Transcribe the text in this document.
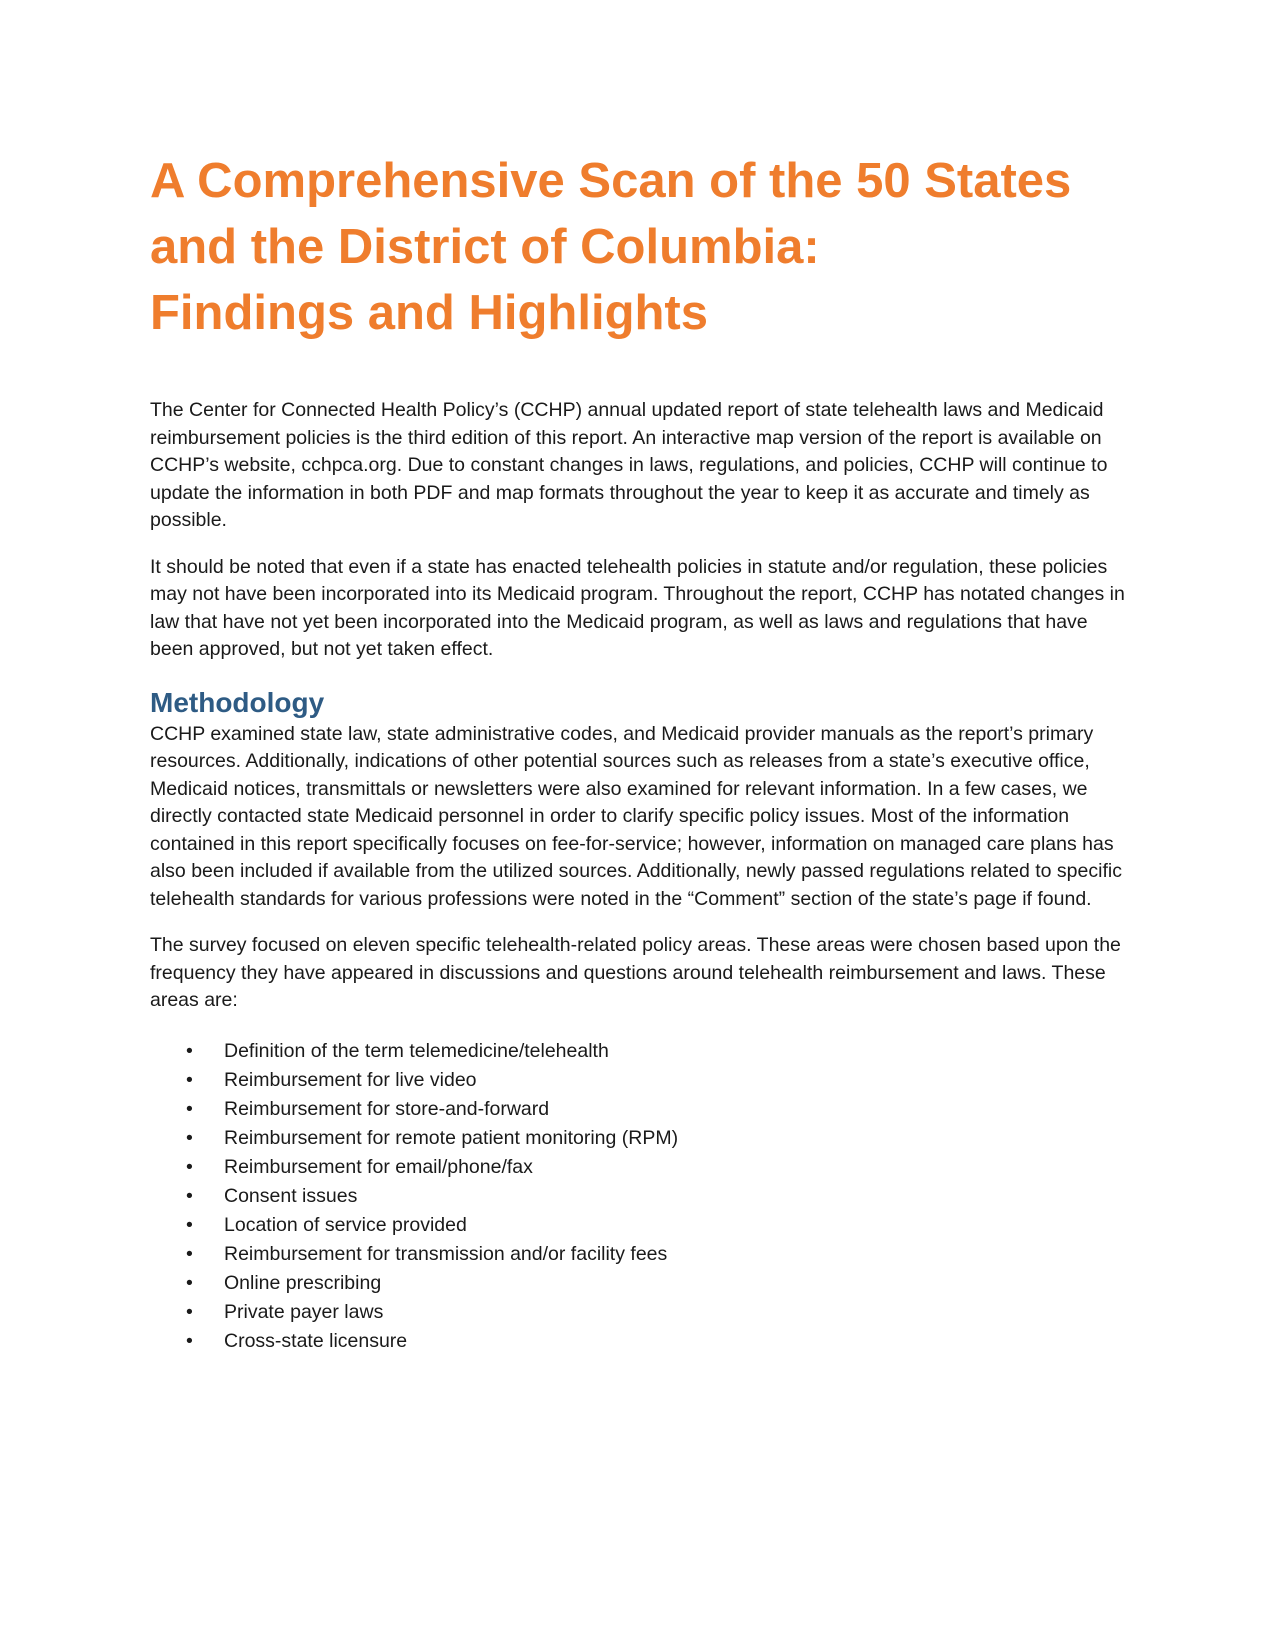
A Comprehensive Scan of the 50 States
and the District of Columbia:
Findings and Highlights

The Center for Connected Health Policy’s (CCHP) annual updated report of state telehealth laws and Medicaid reimbursement policies is the third edition of this report. An interactive map version of the report is available on CCHP’s website, cchpca.org. Due to constant changes in laws, regulations, and policies, CCHP will continue to update the information in both PDF and map formats throughout the year to keep it as accurate and timely as possible.

It should be noted that even if a state has enacted telehealth policies in statute and/or regulation, these policies may not have been incorporated into its Medicaid program. Throughout the report, CCHP has notated changes in law that have not yet been incorporated into the Medicaid program, as well as laws and regulations that have been approved, but not yet taken effect.

Methodology

CCHP examined state law, state administrative codes, and Medicaid provider manuals as the report’s primary resources. Additionally, indications of other potential sources such as releases from a state’s executive office, Medicaid notices, transmittals or newsletters were also examined for relevant information. In a few cases, we directly contacted state Medicaid personnel in order to clarify specific policy issues. Most of the information contained in this report specifically focuses on fee-for-service; however, information on managed care plans has also been included if available from the utilized sources. Additionally, newly passed regulations related to specific telehealth standards for various professions were noted in the “Comment” section of the state’s page if found.

The survey focused on eleven specific telehealth-related policy areas. These areas were chosen based upon the frequency they have appeared in discussions and questions around telehealth reimbursement and laws. These areas are:

• Definition of the term telemedicine/telehealth
• Reimbursement for live video
• Reimbursement for store-and-forward
• Reimbursement for remote patient monitoring (RPM)
• Reimbursement for email/phone/fax
• Consent issues
• Location of service provided
• Reimbursement for transmission and/or facility fees
• Online prescribing
• Private payer laws
• Cross-state licensure
